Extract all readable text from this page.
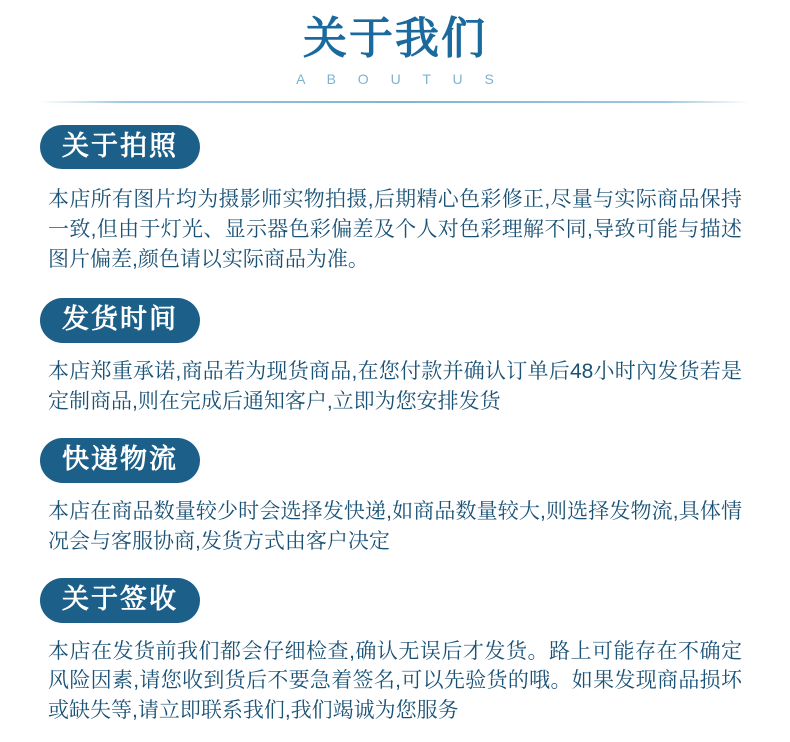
关于我们
A B O U T U S
关于拍照
本店所有图片均为摄影师实物拍摄,后期精心色彩修正,尽量与实际商品保持一致,但由于灯光、显示器色彩偏差及个人对色彩理解不同,导致可能与描述图片偏差,颜色请以实际商品为准。
发货时间
本店郑重承诺,商品若为现货商品,在您付款并确认订单后48小时內发货若是定制商品,则在完成后通知客户,立即为您安排发货
快递物流
本店在商品数量较少时会选择发快递,如商品数量较大,则选择发物流,具体情况会与客服协商,发货方式由客户决定
关于签收
本店在发货前我们都会仔细检查,确认无误后才发货。路上可能存在不确定风险因素,请您收到货后不要急着签名,可以先验货的哦。如果发现商品损坏或缺失等,请立即联系我们,我们竭诚为您服务
